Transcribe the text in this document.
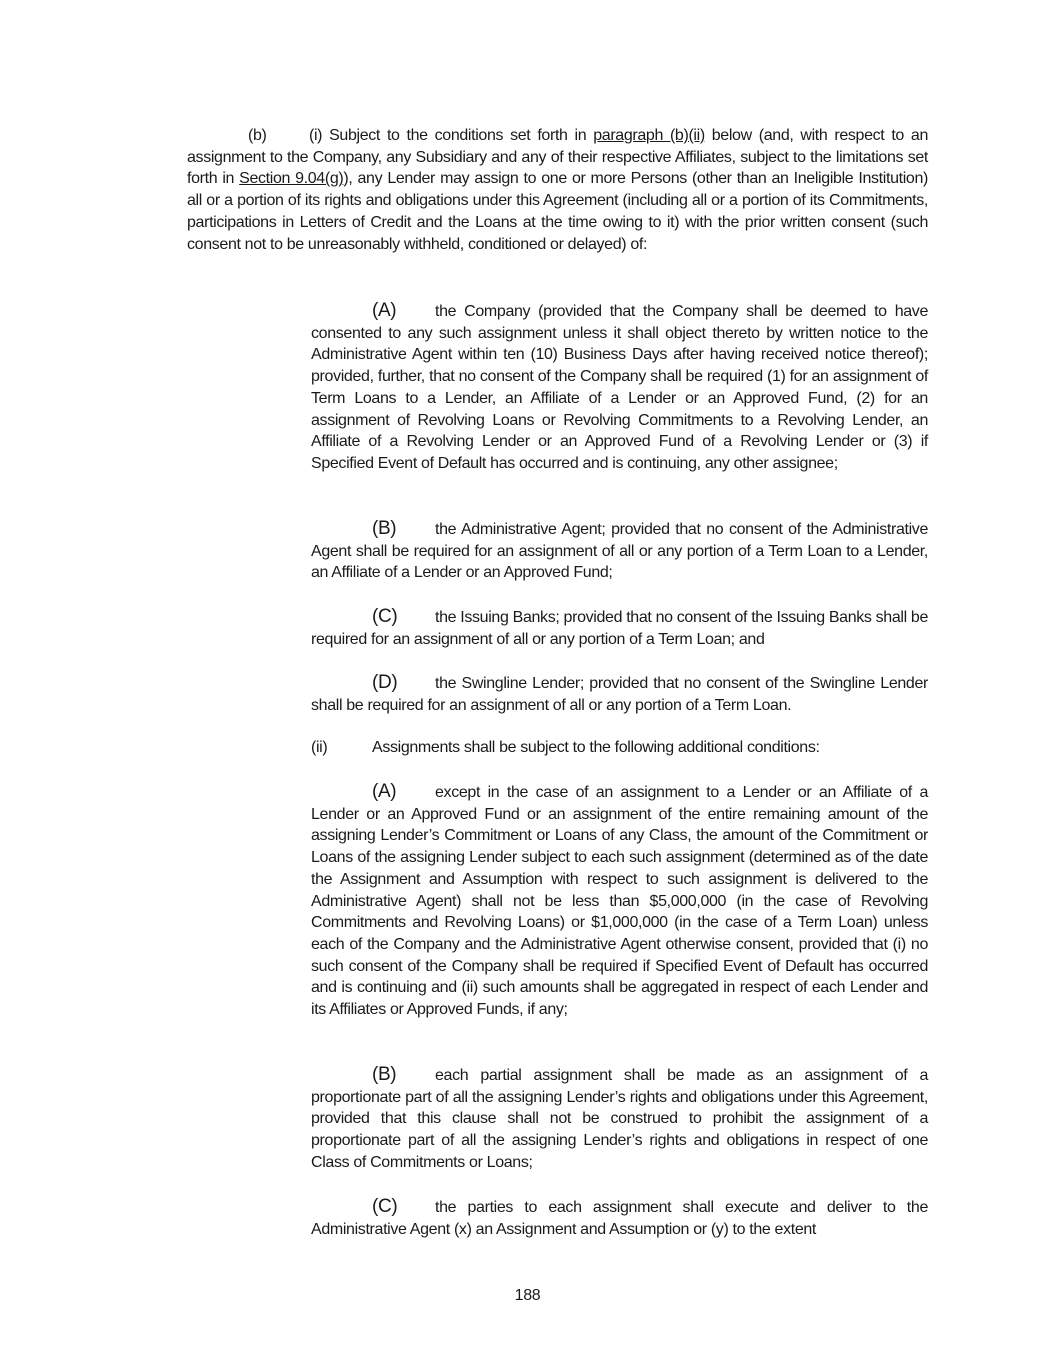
(b)	(i) Subject to the conditions set forth in paragraph (b)(ii) below (and, with respect to an assignment to the Company, any Subsidiary and any of their respective Affiliates, subject to the limitations set forth in Section 9.04(g)), any Lender may assign to one or more Persons (other than an Ineligible Institution) all or a portion of its rights and obligations under this Agreement (including all or a portion of its Commitments, participations in Letters of Credit and the Loans at the time owing to it) with the prior written consent (such consent not to be unreasonably withheld, conditioned or delayed) of:

(A) the Company (provided that the Company shall be deemed to have consented to any such assignment unless it shall object thereto by written notice to the Administrative Agent within ten (10) Business Days after having received notice thereof); provided, further, that no consent of the Company shall be required (1) for an assignment of Term Loans to a Lender, an Affiliate of a Lender or an Approved Fund, (2) for an assignment of Revolving Loans or Revolving Commitments to a Revolving Lender, an Affiliate of a Revolving Lender or an Approved Fund of a Revolving Lender or (3) if Specified Event of Default has occurred and is continuing, any other assignee;

(B) the Administrative Agent; provided that no consent of the Administrative Agent shall be required for an assignment of all or any portion of a Term Loan to a Lender, an Affiliate of a Lender or an Approved Fund;

(C) the Issuing Banks; provided that no consent of the Issuing Banks shall be required for an assignment of all or any portion of a Term Loan; and

(D) the Swingline Lender; provided that no consent of the Swingline Lender shall be required for an assignment of all or any portion of a Term Loan.

(ii)	Assignments shall be subject to the following additional conditions:

(A) except in the case of an assignment to a Lender or an Affiliate of a Lender or an Approved Fund or an assignment of the entire remaining amount of the assigning Lender’s Commitment or Loans of any Class, the amount of the Commitment or Loans of the assigning Lender subject to each such assignment (determined as of the date the Assignment and Assumption with respect to such assignment is delivered to the Administrative Agent) shall not be less than $5,000,000 (in the case of Revolving Commitments and Revolving Loans) or $1,000,000 (in the case of a Term Loan) unless each of the Company and the Administrative Agent otherwise consent, provided that (i) no such consent of the Company shall be required if Specified Event of Default has occurred and is continuing and (ii) such amounts shall be aggregated in respect of each Lender and its Affiliates or Approved Funds, if any;

(B) each partial assignment shall be made as an assignment of a proportionate part of all the assigning Lender’s rights and obligations under this Agreement, provided that this clause shall not be construed to prohibit the assignment of a proportionate part of all the assigning Lender’s rights and obligations in respect of one Class of Commitments or Loans;

(C) the parties to each assignment shall execute and deliver to the Administrative Agent (x) an Assignment and Assumption or (y) to the extent

188
